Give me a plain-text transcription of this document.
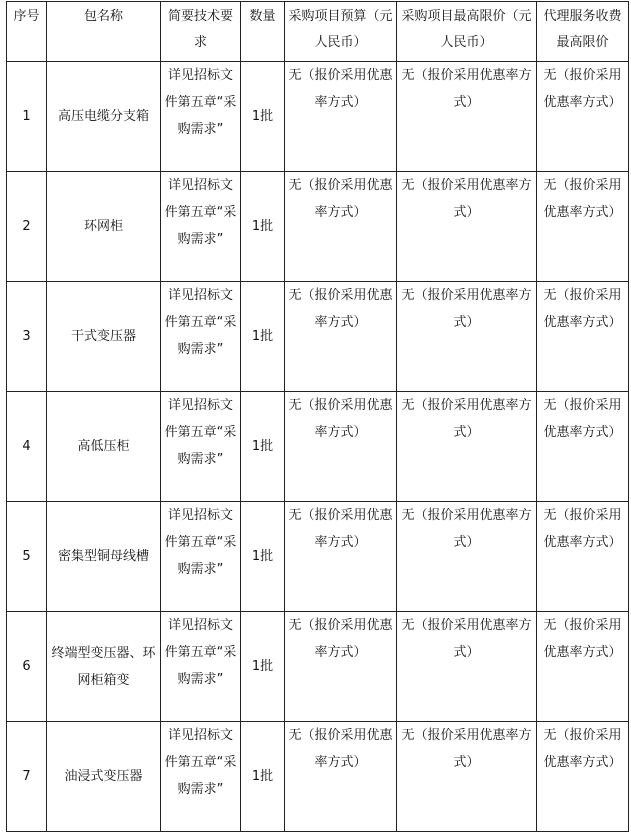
序号	包名称	简要技术要求	数量	采购项目预算（元人民币）	采购项目最高限价（元人民币）	代理服务收费最高限价
1	高压电缆分支箱	详见招标文件第五章“采购需求”	1批	无（报价采用优惠率方式）	无（报价采用优惠率方式）	无（报价采用优惠率方式）
2	环网柜	详见招标文件第五章“采购需求”	1批	无（报价采用优惠率方式）	无（报价采用优惠率方式）	无（报价采用优惠率方式）
3	干式变压器	详见招标文件第五章“采购需求”	1批	无（报价采用优惠率方式）	无（报价采用优惠率方式）	无（报价采用优惠率方式）
4	高低压柜	详见招标文件第五章“采购需求”	1批	无（报价采用优惠率方式）	无（报价采用优惠率方式）	无（报价采用优惠率方式）
5	密集型铜母线槽	详见招标文件第五章“采购需求”	1批	无（报价采用优惠率方式）	无（报价采用优惠率方式）	无（报价采用优惠率方式）
6	终端型变压器、环网柜箱变	详见招标文件第五章“采购需求”	1批	无（报价采用优惠率方式）	无（报价采用优惠率方式）	无（报价采用优惠率方式）
7	油浸式变压器	详见招标文件第五章“采购需求”	1批	无（报价采用优惠率方式）	无（报价采用优惠率方式）	无（报价采用优惠率方式）
